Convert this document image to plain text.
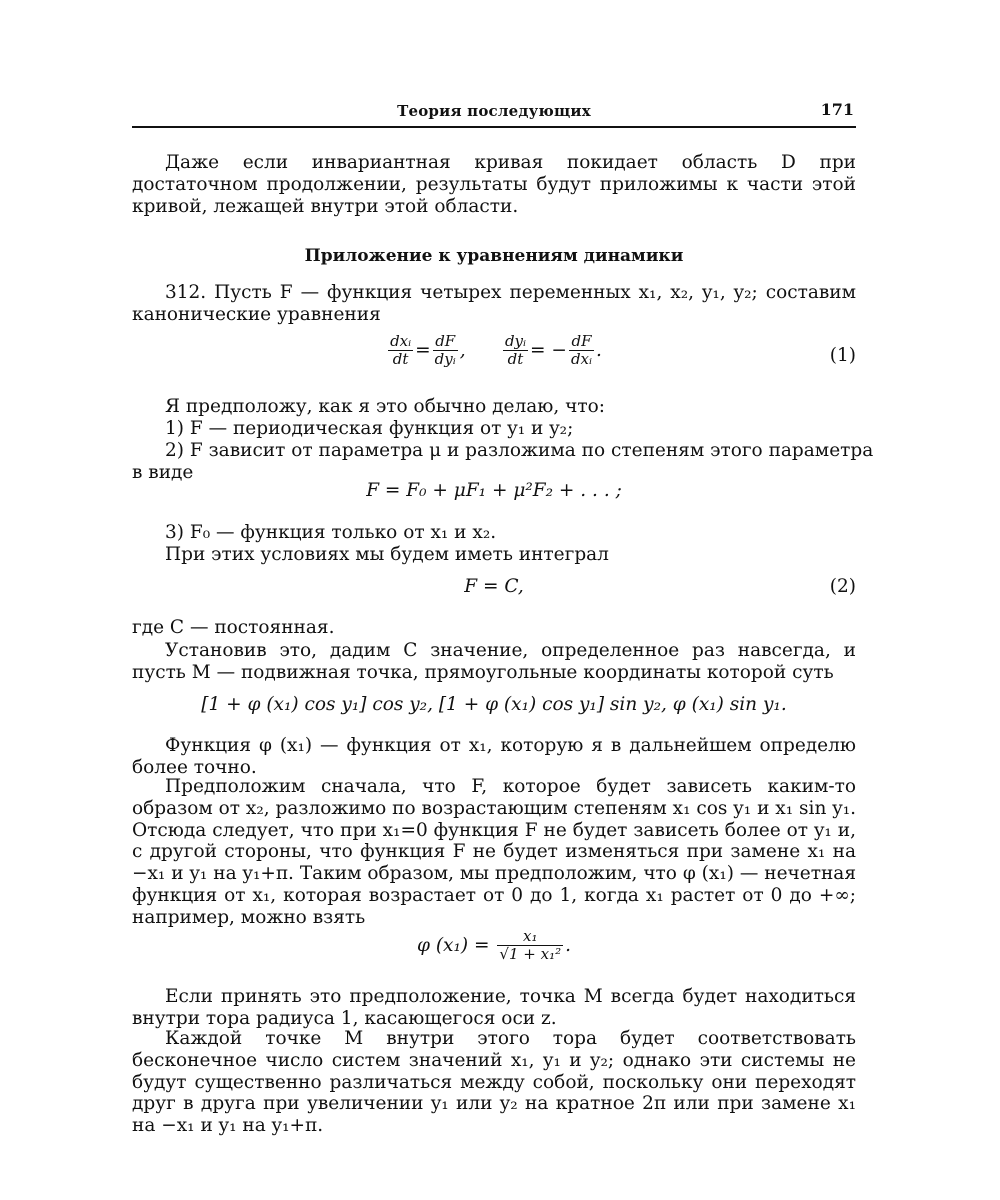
Теория последующих	171
Даже если инвариантная кривая покидает область D при достаточном продолжении, результаты будут приложимы к части этой кривой, лежащей внутри этой области.
Приложение к уравнениям динамики
312. Пусть F — функция четырех переменных x₁, x₂, y₁, y₂; составим канонические уравнения
$\frac{\text{dxᵢ}}{dt} = \frac{dF}{\text{dyᵢ}}$ , $\frac{\text{dyᵢ}}{dt}$ = − $\frac{dF}{\text{dxᵢ}}$ .	(1)
Я предположу, как я это обычно делаю, что:
1) F — периодическая функция от y₁ и y₂;
2) F зависит от параметра μ и разложима по степеням этого параметра
в виде
F = F₀ + μF₁ + μ²F₂ + . . . ;
3) F₀ — функция только от x₁ и x₂.
При этих условиях мы будем иметь интеграл
F = C,	(2)
где C — постоянная.
Установив это, дадим C значение, определенное раз навсегда, и пусть M — подвижная точка, прямоугольные координаты которой суть
[1 + φ (x₁) cos y₁] cos y₂, [1 + φ (x₁) cos y₁] sin y₂, φ (x₁) sin y₁.
Функция φ (x₁) — функция от x₁, которую я в дальнейшем определю более точно.
Предположим сначала, что F, которое будет зависеть каким-то образом от x₂, разложимо по возрастающим степеням x₁ cos y₁ и x₁ sin y₁. Отсюда следует, что при x₁=0 функция F не будет зависеть более от y₁ и, с другой стороны, что функция F не будет изменяться при замене x₁ на −x₁ и y₁ на y₁+π. Таким образом, мы предположим, что φ (x₁) — нечетная функция от x₁, которая возрастает от 0 до 1, когда x₁ растет от 0 до +∞; например, можно взять
φ $(x_1) = \frac{\text{x₁}}{\text{√1 + x₁²}}$ .
Если принять это предположение, точка M всегда будет находиться внутри тора радиуса 1, касающегося оси z.
Каждой точке M внутри этого тора будет соответствовать бесконечное число систем значений x₁, y₁ и y₂; однако эти системы не будут существенно различаться между собой, поскольку они переходят друг в друга при увеличении y₁ или y₂ на кратное 2π или при замене x₁ на −x₁ и y₁ на y₁+π.
